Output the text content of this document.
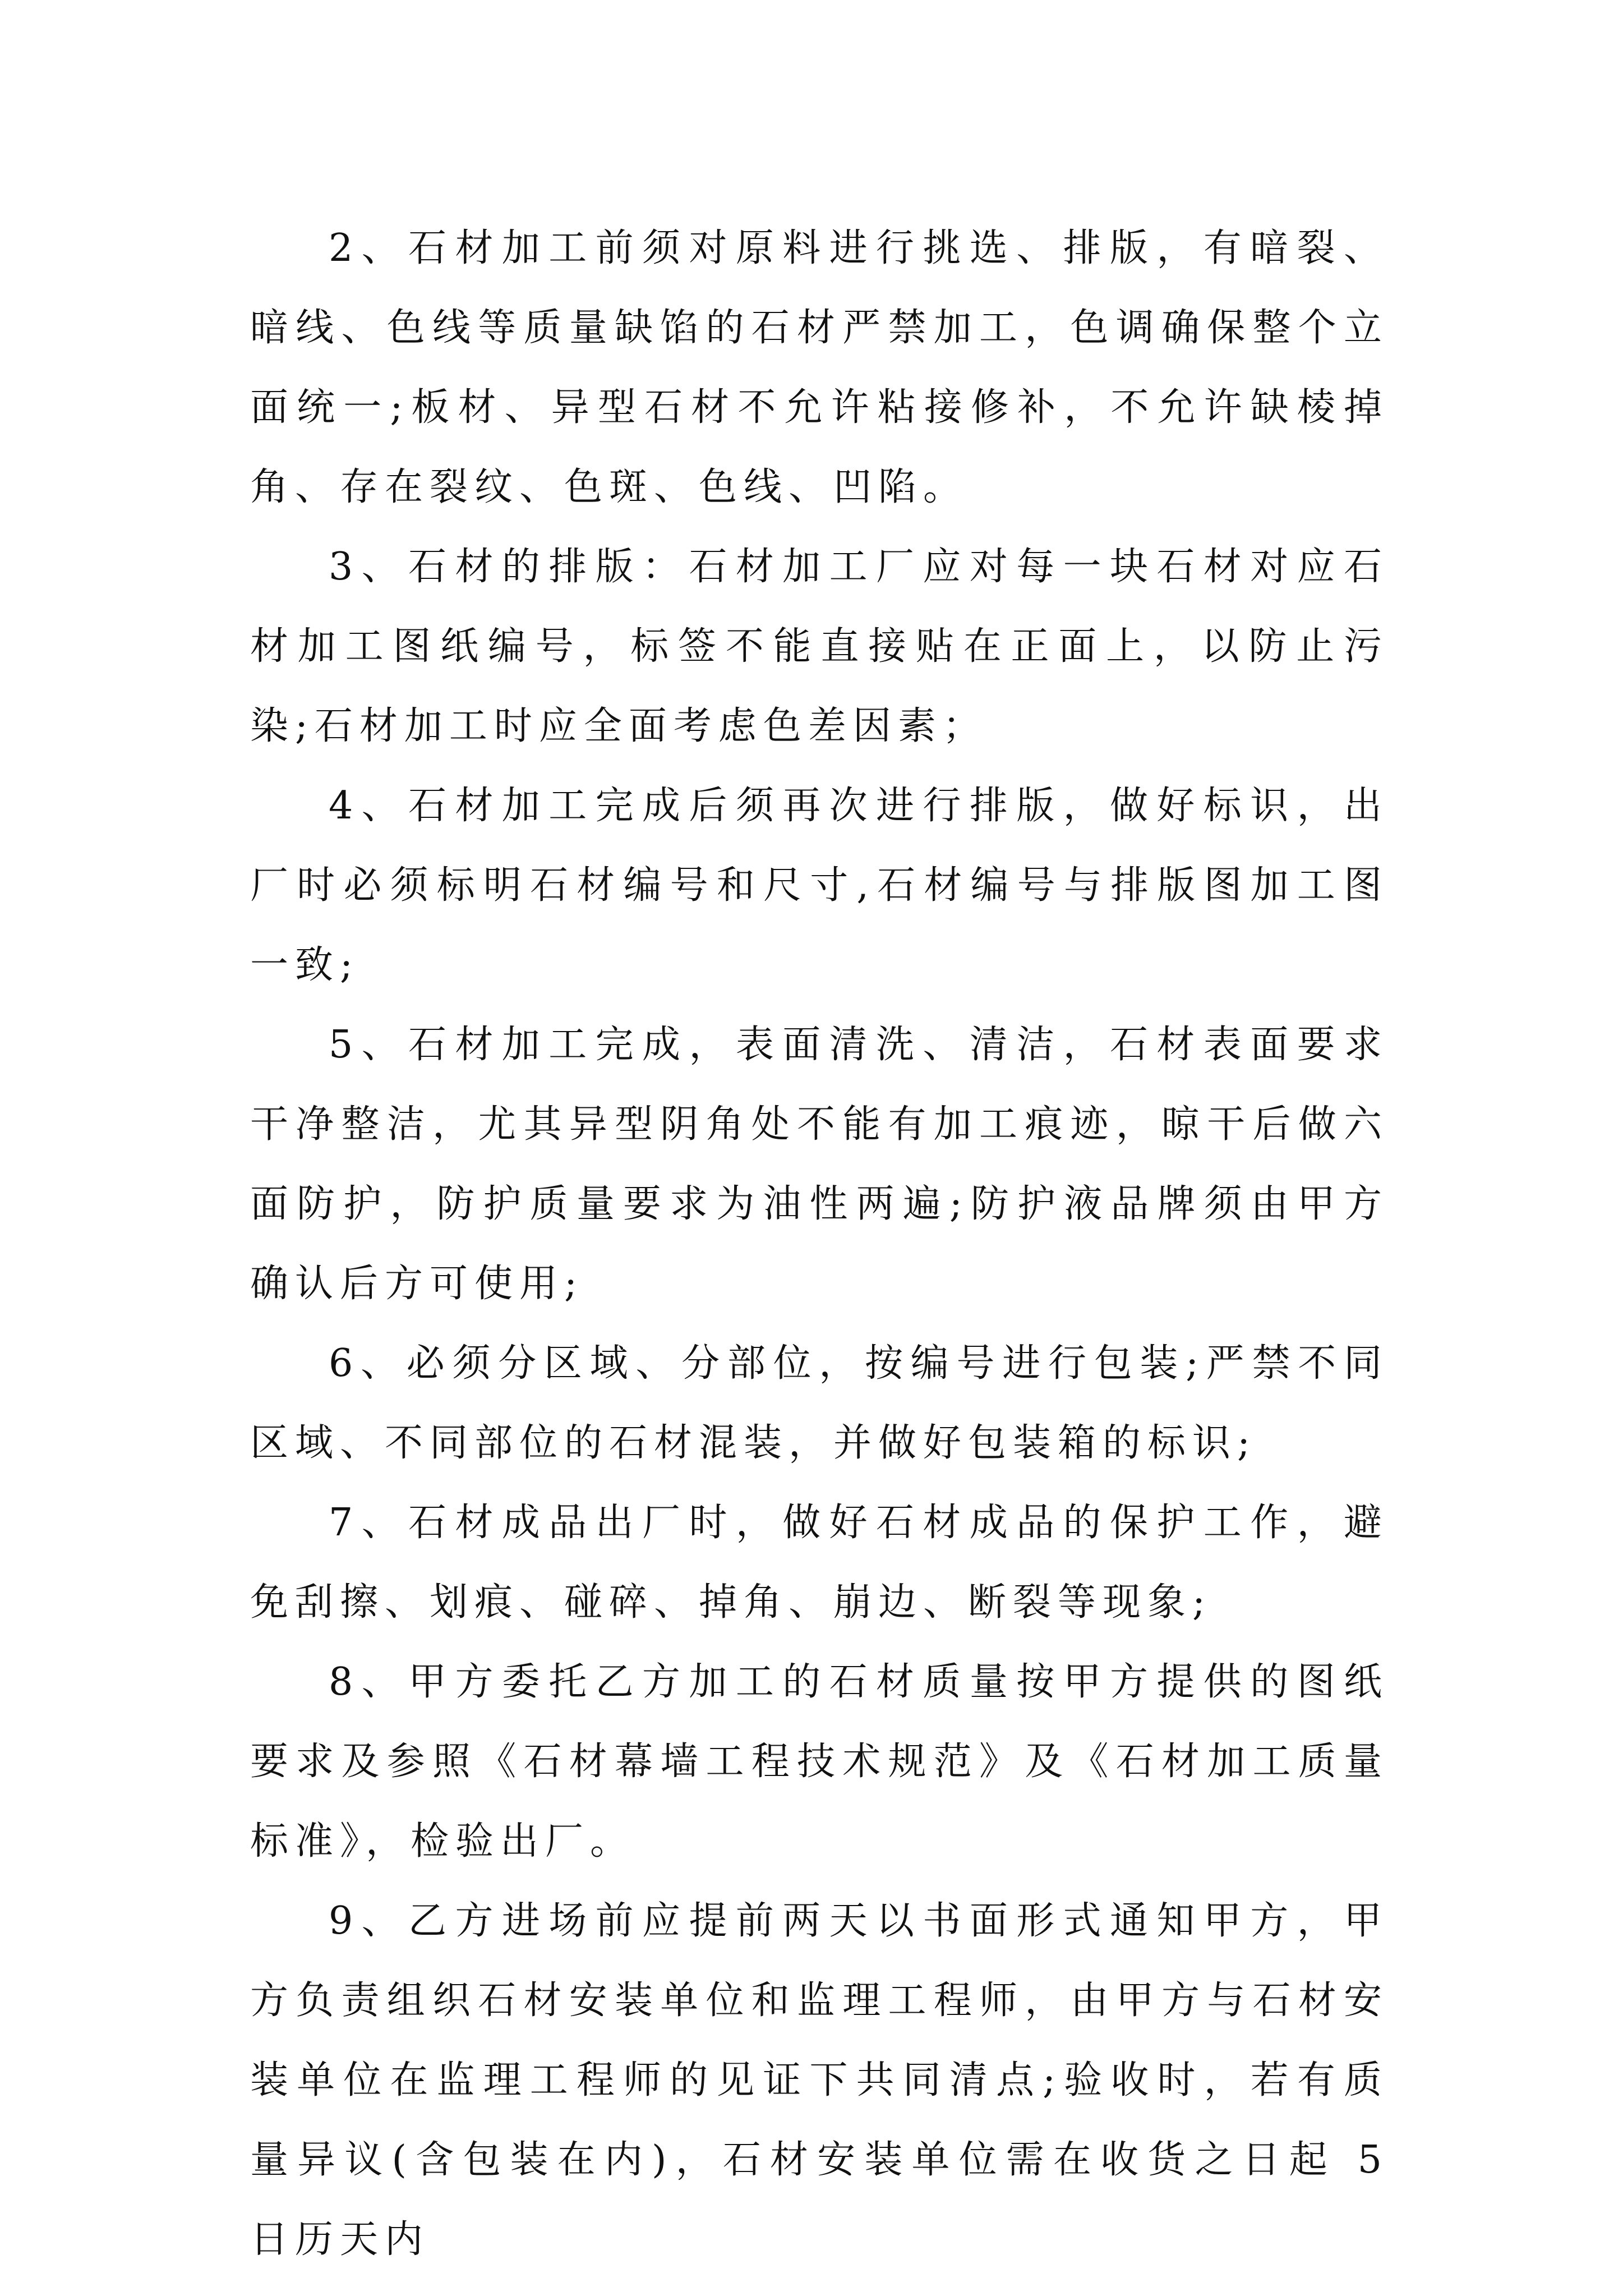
2、石材加工前须对原料进行挑选、排版，有暗裂、暗线、色线等质量缺馅的石材严禁加工，色调确保整个立面统一;板材、异型石材不允许粘接修补，不允许缺棱掉角、存在裂纹、色斑、色线、凹陷。

3、石材的排版：石材加工厂应对每一块石材对应石材加工图纸编号，标签不能直接贴在正面上，以防止污染;石材加工时应全面考虑色差因素；

4、石材加工完成后须再次进行排版，做好标识，出厂时必须标明石材编号和尺寸,石材编号与排版图加工图一致;

5、石材加工完成，表面清洗、清洁，石材表面要求干净整洁，尤其异型阴角处不能有加工痕迹，晾干后做六面防护，防护质量要求为油性两遍;防护液品牌须由甲方确认后方可使用;

6、必须分区域、分部位，按编号进行包装;严禁不同区域、不同部位的石材混装，并做好包装箱的标识;

7、石材成品出厂时，做好石材成品的保护工作，避免刮擦、划痕、碰碎、掉角、崩边、断裂等现象;

8、甲方委托乙方加工的石材质量按甲方提供的图纸要求及参照《石材幕墙工程技术规范》及《石材加工质量标准》，检验出厂。

9、乙方进场前应提前两天以书面形式通知甲方，甲方负责组织石材安装单位和监理工程师，由甲方与石材安装单位在监理工程师的见证下共同清点;验收时，若有质量异议(含包装在内)，石材安装单位需在收货之日起 5 日历天内
